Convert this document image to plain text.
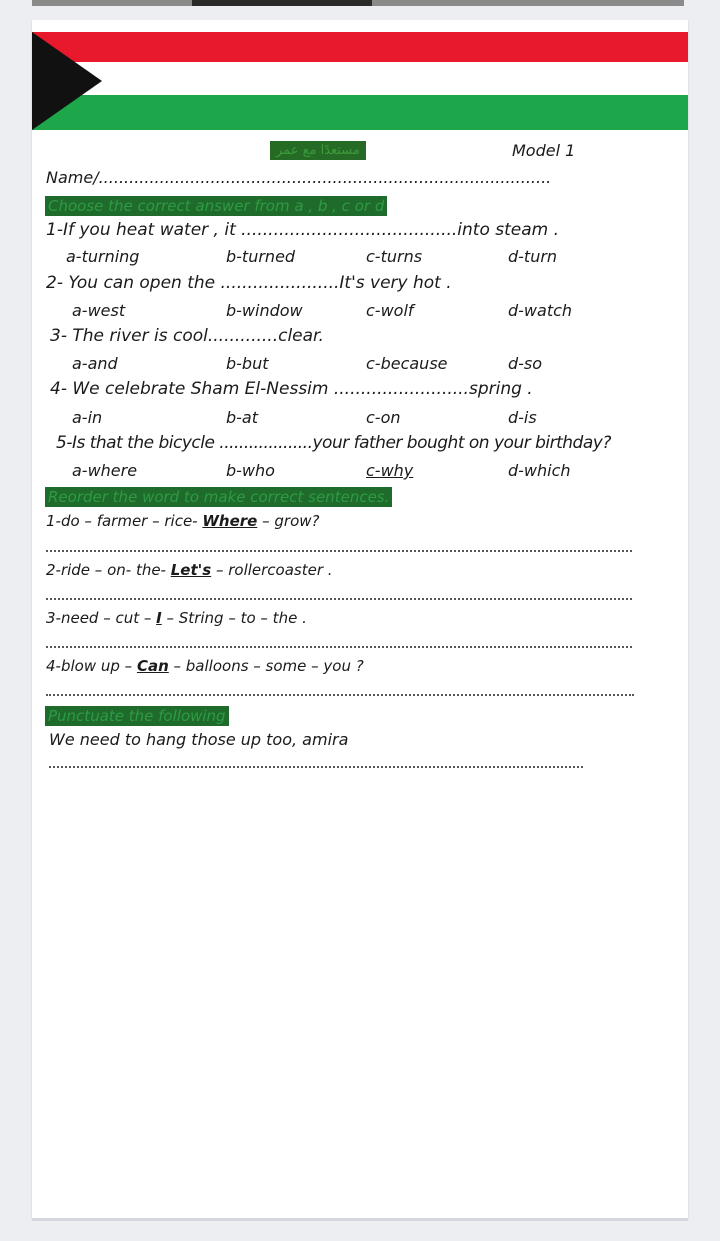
مستعدًا مع عمر	Model 1
Name/.........................................................................................
Choose the correct answer from a , b , c or d
1-If you heat water , it ........................................into steam .
a-turning	b-turned	c-turns	d-turn
2- You can open the ......................It's very hot .
a-west	b-window	c-wolf	d-watch
3- The river is cool.............clear.
a-and	b-but	c-because	d-so
4- We celebrate Sham El-Nessim .........................spring .
a-in	b-at	c-on	d-is
5-Is that the bicycle ...................your father bought on your birthday?
a-where	b-who	c-why	d-which
Reorder the word to make correct sentences.
1-do – farmer – rice- Where – grow?
2-ride – on- the- Let's – rollercoaster .
3-need – cut – I – String – to – the .
4-blow up – Can – balloons – some – you ?
Punctuate the following
We need to hang those up too, amira
